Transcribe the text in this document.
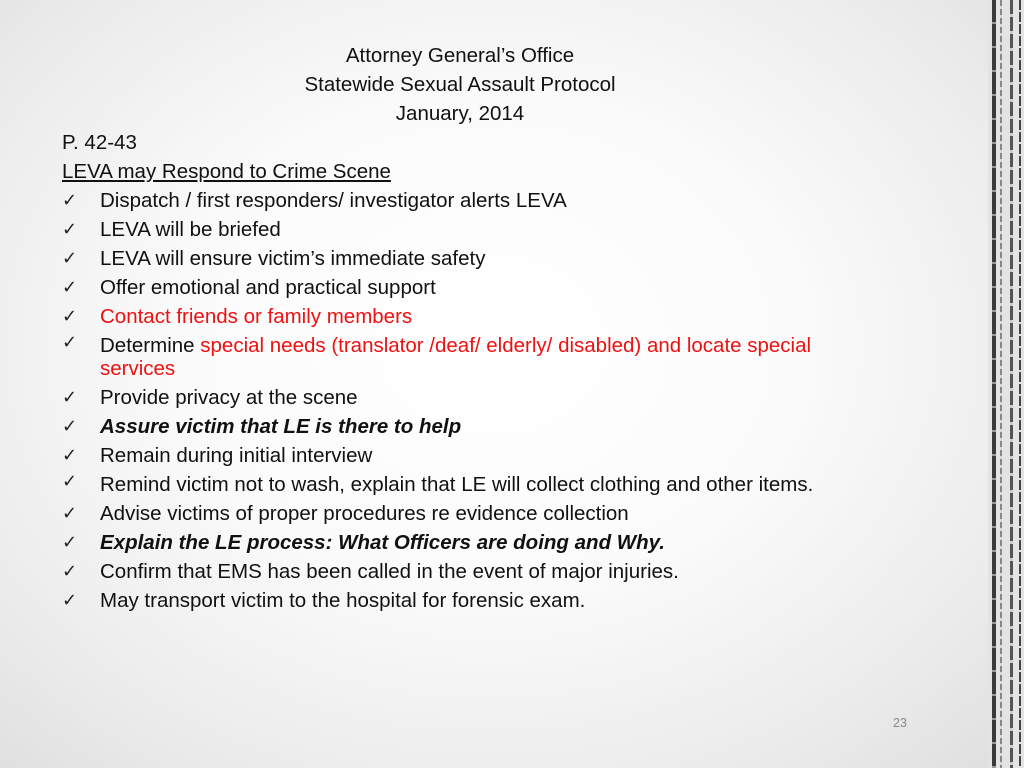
Attorney General’s Office
Statewide Sexual Assault Protocol
January, 2014
P. 42-43
LEVA may Respond to Crime Scene
✓	Dispatch / first responders/ investigator alerts LEVA
✓	LEVA will be briefed
✓	LEVA will ensure victim’s immediate safety
✓	Offer emotional and practical support
✓	Contact friends or family members
✓	Determine special needs (translator /deaf/ elderly/ disabled) and locate special services
✓	Provide privacy at the scene
✓	Assure victim that LE is there to help
✓	Remain during initial interview
✓	Remind victim not to wash, explain that LE will collect clothing and other items.
✓	Advise victims of proper procedures re evidence collection
✓	Explain the LE process: What Officers are doing and Why.
✓	Confirm that EMS has been called in the event of major injuries.
✓	May transport victim to the hospital for forensic exam.
23
